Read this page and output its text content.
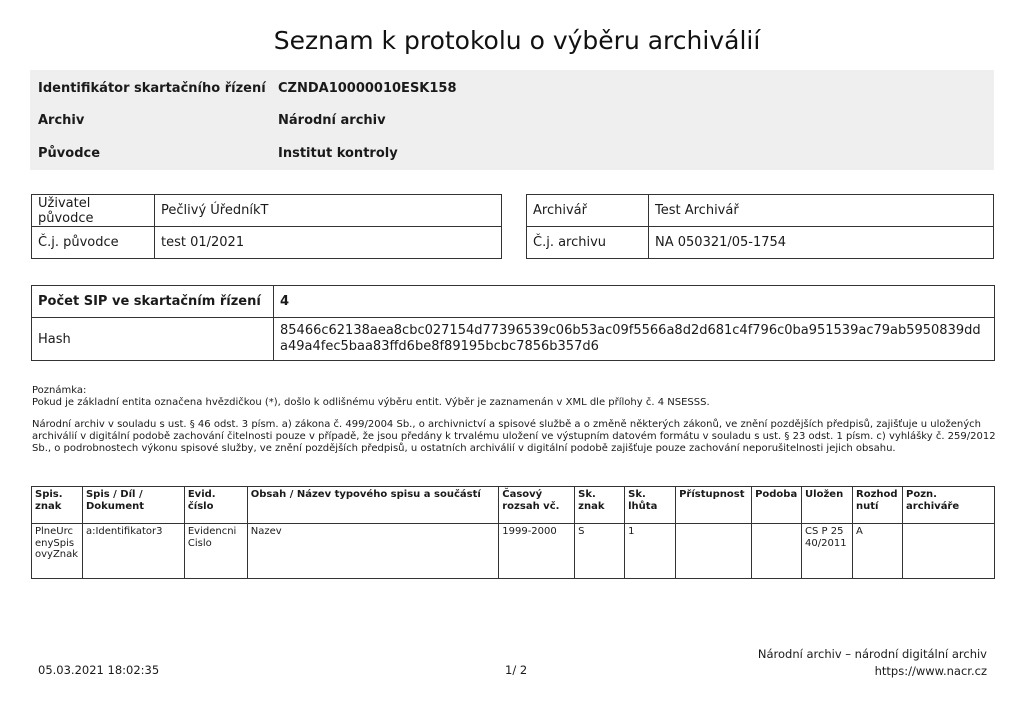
Seznam k protokolu o výběru archiválií
Identifikátor skartačního řízení CZNDA10000010ESK158
Archiv	Národní archiv
Původce	Institut kontroly
Uživatel původce	Pečlivý ÚředníkT
Č.j. původce	test 01/2021
Archivář	Test Archivář
Č.j. archivu	NA 050321/05-1754
Počet SIP ve skartačním řízení	4
Hash	85466c62138aea8cbc027154d77396539c06b53ac09f5566a8d2d681c4f796c0ba951539ac79ab5950839dda49a4fec5baa83ffd6be8f89195bcbc7856b357d6

Poznámka:

Pokud je základní entita označena hvězdičkou (*), došlo k odlišnému výběru entit. Výběr je zaznamenán v XML dle přílohy č. 4 NSESSS.

Národní archiv v souladu s ust. § 46 odst. 3 písm. a) zákona č. 499/2004 Sb., o archivnictví a spisové službě a o změně některých zákonů, ve znění pozdějších předpisů, zajišťuje u uložených archiválií v digitální podobě zachování čitelnosti pouze v případě, že jsou předány k trvalému uložení ve výstupním datovém formátu v souladu s ust. § 23 odst. 1 písm. c) vyhlášky č. 259/2012 Sb., o podrobnostech výkonu spisové služby, ve znění pozdějších předpisů, u ostatních archiválií v digitální podobě zajišťuje pouze zachování neporušitelnosti jejich obsahu.

Spis. znak	Spis / Díl / Dokument	Evid. číslo	Obsah / Název typového spisu a součástí	Časový rozsah vč.	Sk. znak	Sk. lhůta	Přístupnost	Podoba	Uložen	Rozhod nutí	Pozn. archiváře
PlneUrcenySpisovyZnak	a:Identifikator3	Evidencni Cislo	Nazev	1999-2000	S	1			CS P 2540/2011	A	
05.03.2021 18:02:35	1/ 2
Národní archiv – národní digitální archiv
https://www.nacr.cz
